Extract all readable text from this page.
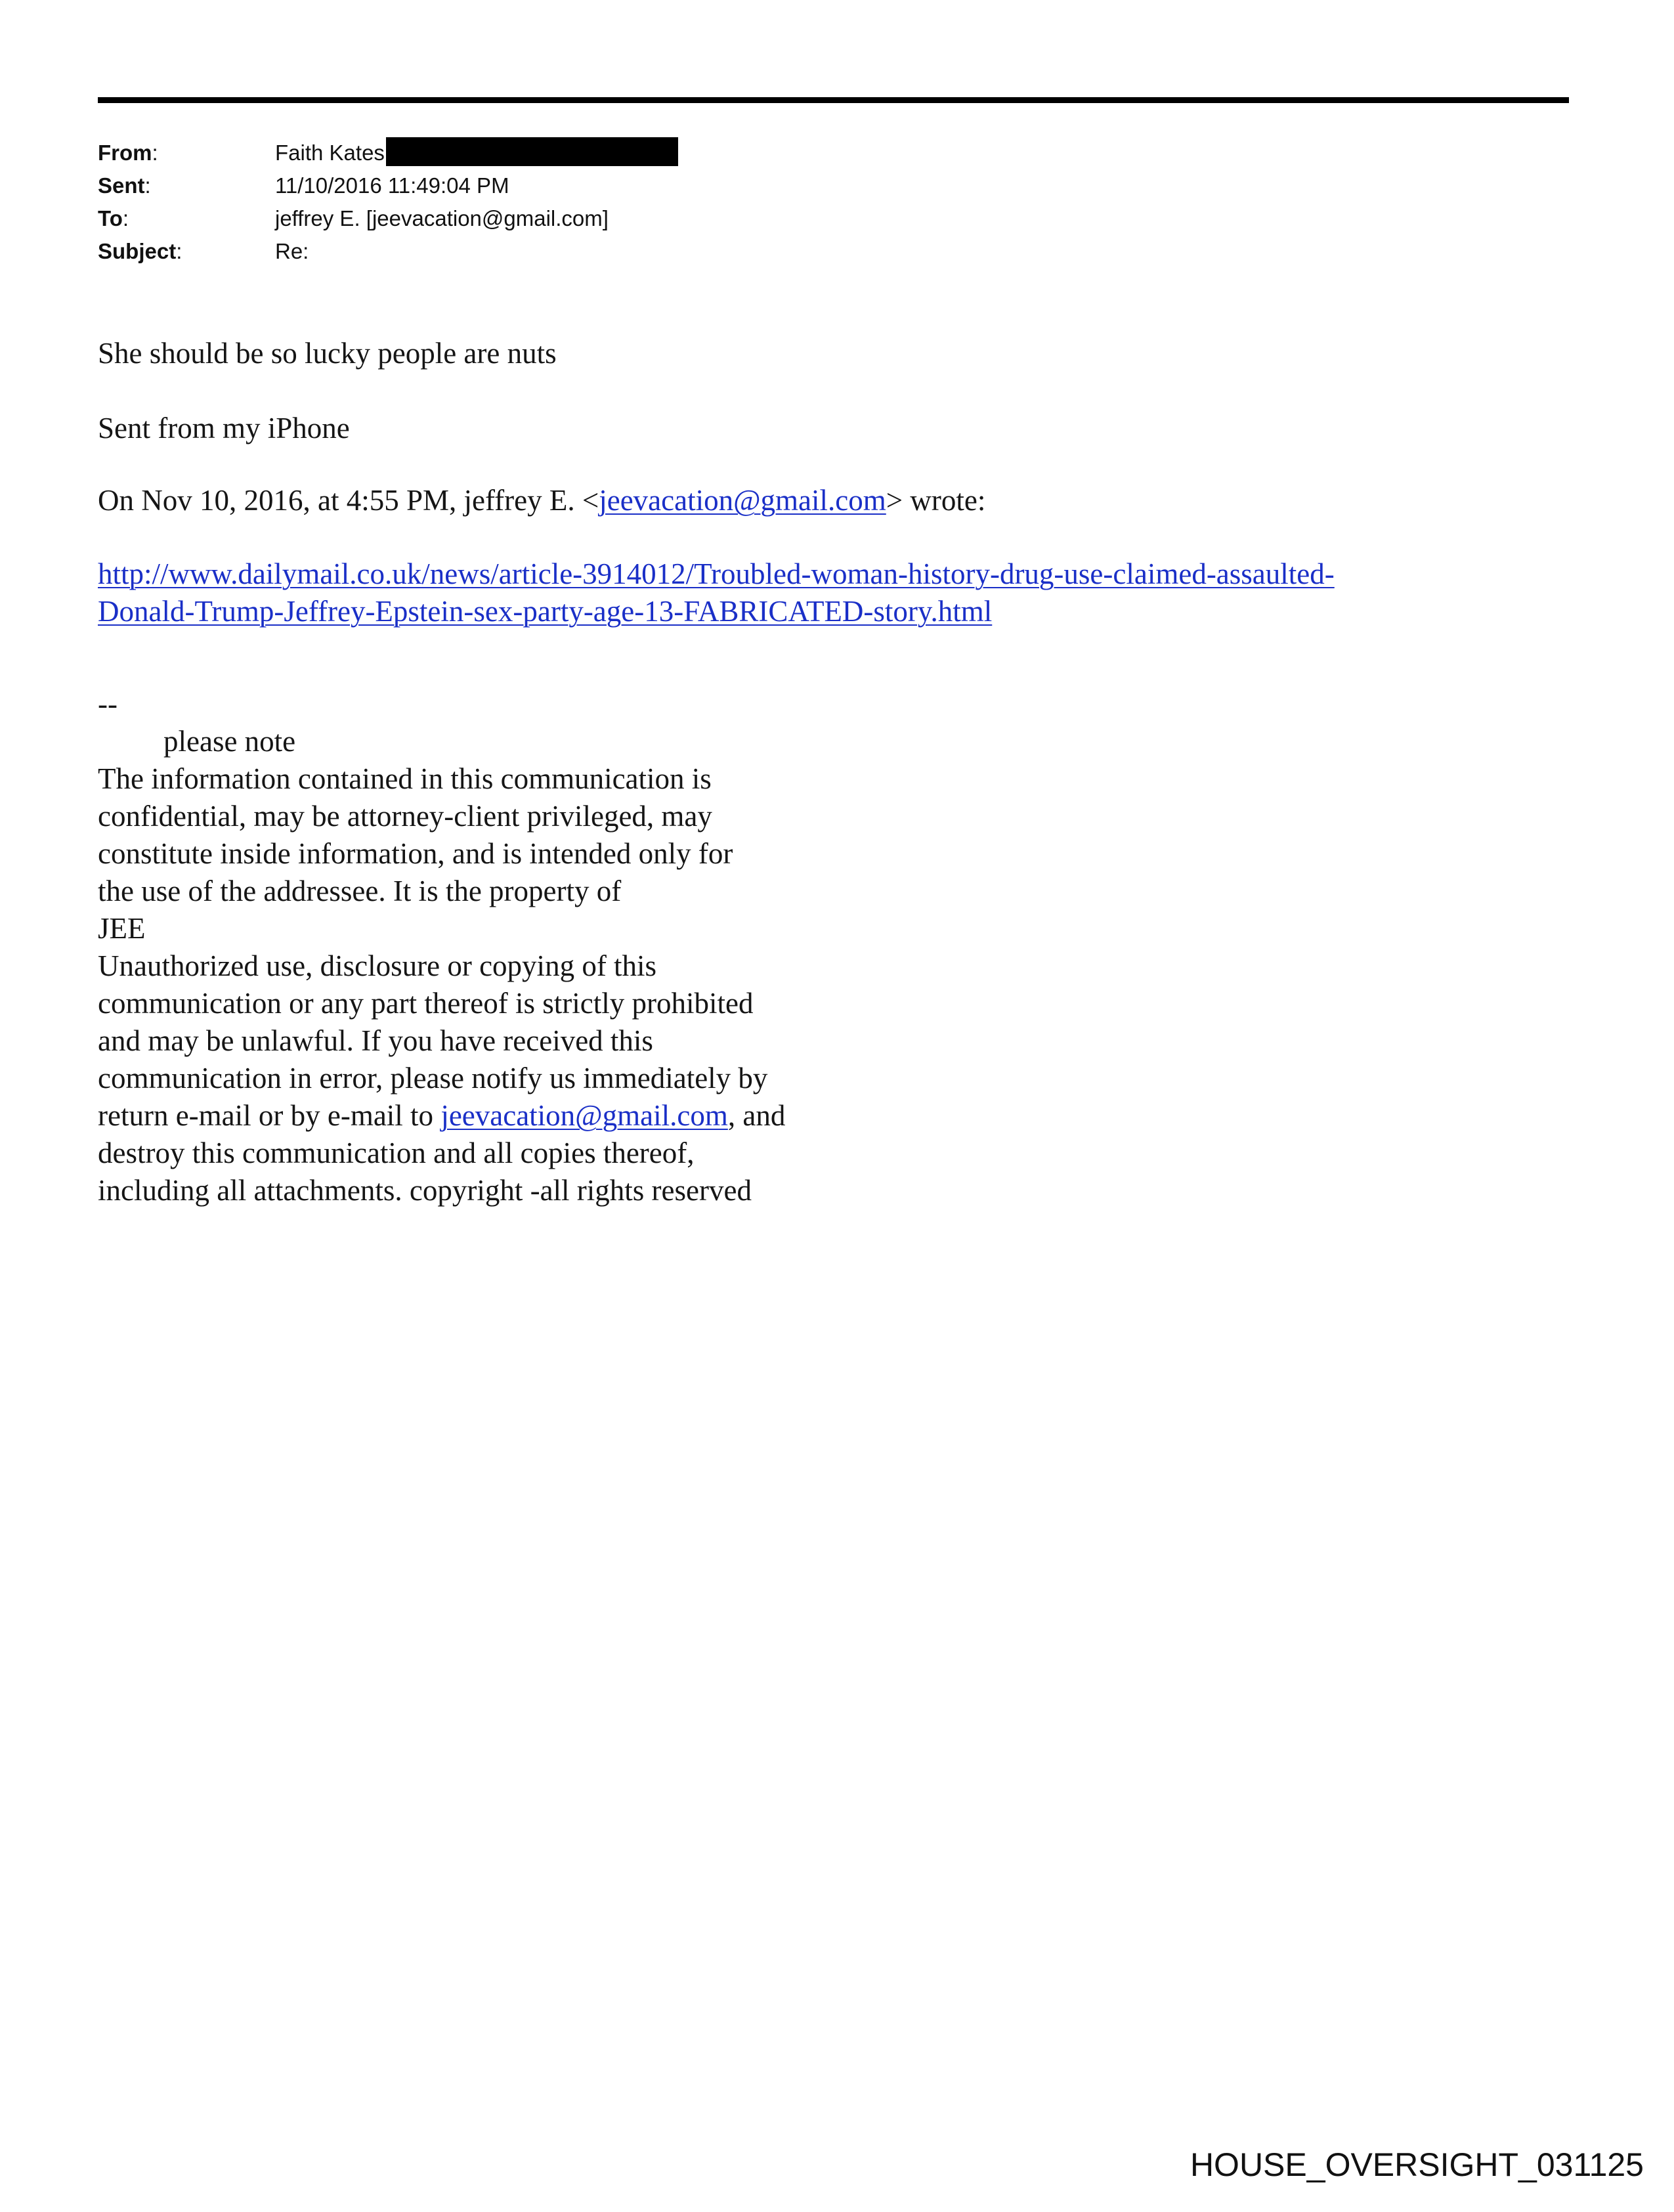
From:	Faith Kates
Sent:	11/10/2016 11:49:04 PM
To:	jeffrey E. [jeevacation@gmail.com]
Subject:	Re:

She should be so lucky people are nuts

Sent from my iPhone

On Nov 10, 2016, at 4:55 PM, jeffrey E. <jeevacation@gmail.com> wrote:

http://www.dailymail.co.uk/news/article-3914012/Troubled-woman-history-drug-use-claimed-assaulted-
Donald-Trump-Jeffrey-Epstein-sex-party-age-13-FABRICATED-story.html

--

please note

The information contained in this communication is

confidential, may be attorney-client privileged, may

constitute inside information, and is intended only for

the use of the addressee. It is the property of

JEE

Unauthorized use, disclosure or copying of this

communication or any part thereof is strictly prohibited

and may be unlawful. If you have received this

communication in error, please notify us immediately by

return e-mail or by e-mail to jeevacation@gmail.com, and

destroy this communication and all copies thereof,

including all attachments. copyright -all rights reserved

HOUSE_OVERSIGHT_031125
